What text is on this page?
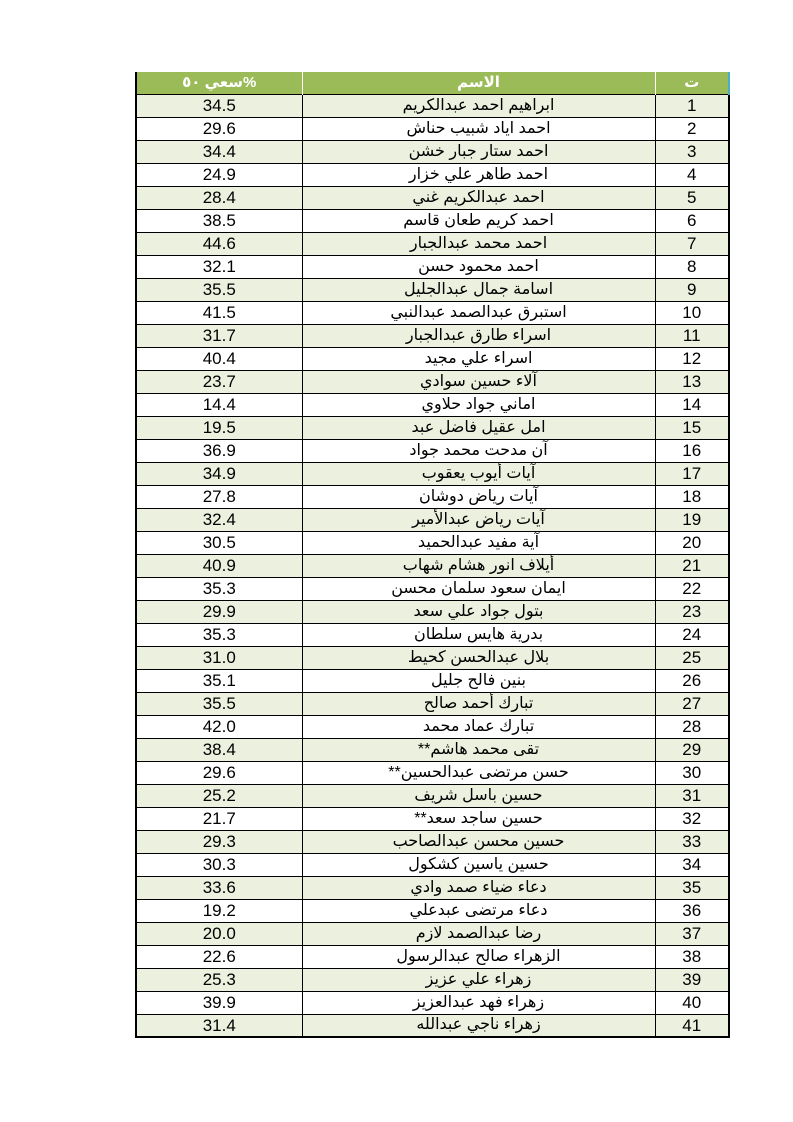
سعي ٥٠%	الاسم	ت
34.5	ابراهيم احمد عبدالكريم	1
29.6	احمد اياد شبيب حناش	2
34.4	احمد ستار جبار خشن	3
24.9	احمد طاهر علي خزار	4
28.4	احمد عبدالكريم غني	5
38.5	احمد كريم طعان قاسم	6
44.6	احمد محمد عبدالجبار	7
32.1	احمد محمود حسن	8
35.5	اسامة جمال عبدالجليل	9
41.5	استبرق عبدالصمد عبدالنبي	10
31.7	اسراء طارق عبدالجبار	11
40.4	اسراء علي مجيد	12
23.7	آلاء حسين سوادي	13
14.4	اماني جواد حلاوي	14
19.5	امل عقيل فاضل عبد	15
36.9	آن مدحت محمد جواد	16
34.9	آيات أيوب يعقوب	17
27.8	آيات رياض دوشان	18
32.4	آيات رياض عبدالأمير	19
30.5	آية مفيد عبدالحميد	20
40.9	أيلاف انور هشام شهاب	21
35.3	ايمان سعود سلمان محسن	22
29.9	بتول جواد علي سعد	23
35.3	بدرية هايس سلطان	24
31.0	بلال عبدالحسن كحيط	25
35.1	بنين فالح جليل	26
35.5	تبارك أحمد صالح	27
42.0	تبارك عماد محمد	28
38.4	تقى محمد هاشم**	29
29.6	حسن مرتضى عبدالحسين**	30
25.2	حسين باسل شريف	31
21.7	حسين ساجد سعد**	32
29.3	حسين محسن عبدالصاحب	33
30.3	حسين ياسين كشكول	34
33.6	دعاء ضياء صمد وادي	35
19.2	دعاء مرتضى عبدعلي	36
20.0	رضا عبدالصمد لازم	37
22.6	الزهراء صالح عبدالرسول	38
25.3	زهراء علي عزيز	39
39.9	زهراء فهد عبدالعزيز	40
31.4	زهراء ناجي عبدالله	41
